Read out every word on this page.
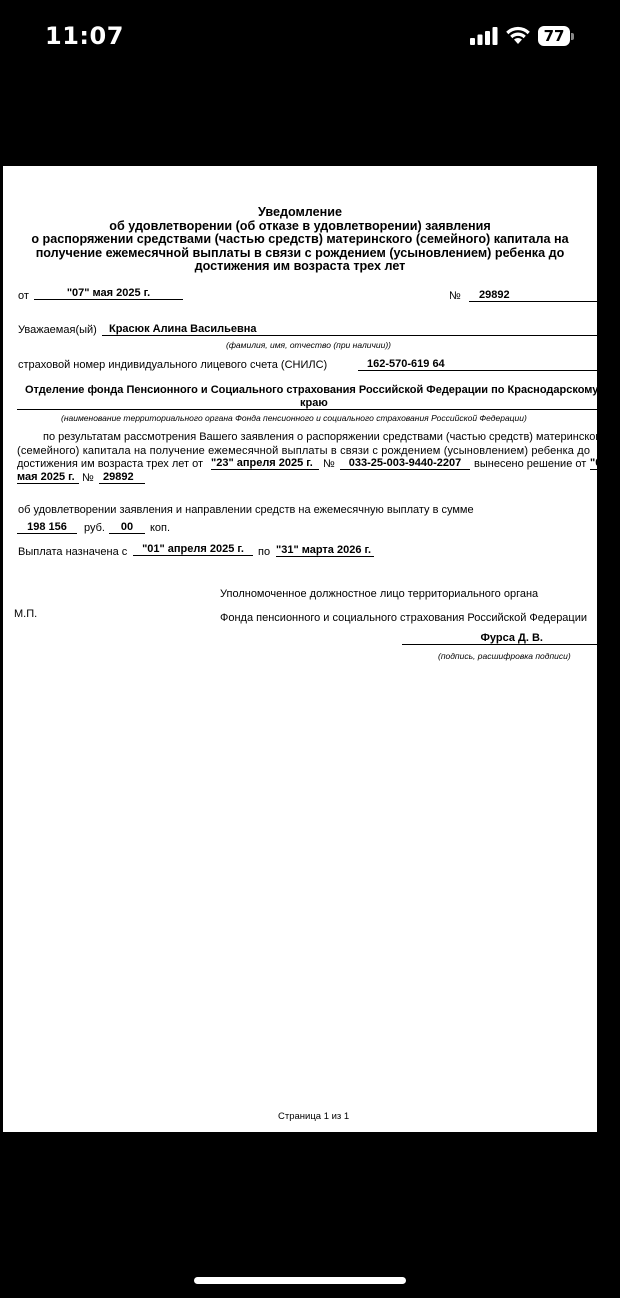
11:07	77
Уведомление
об удовлетворении (об отказе в удовлетворении) заявления
о распоряжении средствами (частью средств) материнского (семейного) капитала на
получение ежемесячной выплаты в связи с рождением (усыновлением) ребенка до
достижения им возраста трех лет
от	"07" мая 2025 г.	№	29892
Уважаемая(ый)	Красюк Алина Васильевна
(фамилия, имя, отчество (при наличии))
страховой номер индивидуального лицевого счета (СНИЛС)	162-570-619 64
Отделение фонда Пенсионного и Социального страхования Российской Федерации по Краснодарскому
краю
(наименование территориального органа Фонда пенсионного и социального страхования Российской Федерации)
по результатам рассмотрения Вашего заявления о распоряжении средствами (частью средств) материнского
(семейного) капитала на получение ежемесячной выплаты в связи с рождением (усыновлением) ребенка до
достижения им возраста трех лет от "23" апреля 2025 г. №	033-25-003-9440-2207	вынесено решение от "07"
мая 2025 г. № 29892
об удовлетворении заявления и направлении средств на ежемесячную выплату в сумме
198 156	руб.	00	коп.
Выплата назначена с	"01" апреля 2025 г.	по "31" марта 2026 г.
Уполномоченное должностное лицо территориального органа
М.П.	Фонда пенсионного и социального страхования Российской Федерации
Фурса Д. В.
(подпись, расшифровка подписи)
Страница 1 из 1
